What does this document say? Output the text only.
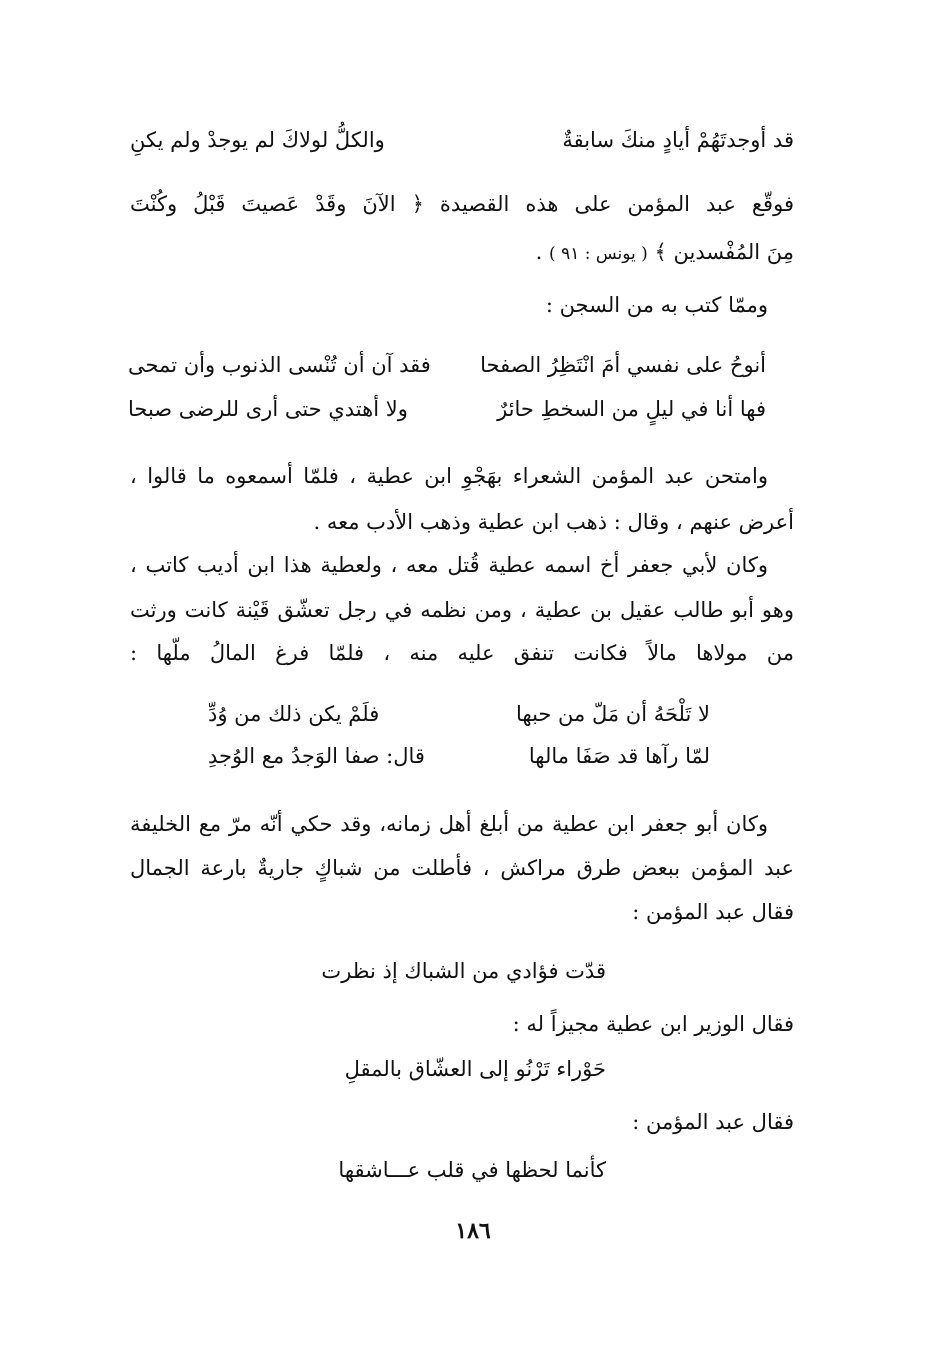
قد أوجدتَهُمْ أيادٍ منكَ سابقةٌ
والكلُّ لولاكَ لم يوجدْ ولم يكنِ
فوقّع عبد المؤمن على هذه القصيدة ﴿ الآنَ وقَدْ عَصيتَ قَبْلُ وكُنْتَ
مِنَ المُفْسدين ﴾ ( يونس : ٩١ ) .
وممّا كتب به من السجن :
أنوحُ على نفسي أمَ انْتَظِرُ الصفحا
فقد آن أن تُنْسى الذنوب وأن تمحى
فها أنا في ليلٍ من السخطِ حائرٌ
ولا أهتدي حتى أرى للرضى صبحا
وامتحن عبد المؤمن الشعراء بهَجْوِ ابن عطية ، فلمّا أسمعوه ما قالوا ،
أعرض عنهم ، وقال : ذهب ابن عطية وذهب الأدب معه .
وكان لأبي جعفر أخ اسمه عطية قُتل معه ، ولعطية هذا ابن أديب كاتب ،
وهو أبو طالب عقيل بن عطية ، ومن نظمه في رجل تعشّق قَيْنة كانت ورثت
من مولاها مالاً فكانت تنفق عليه منه ، فلمّا فرغ المالُ ملّها :
لا تَلْحَهُ أن مَلّ من حبها
فلَمْ يكن ذلك من وُدِّ
لمّا رآها قد صَفَا مالها
قال: صفا الوَجدُ مع الوُجدِ
وكان أبو جعفر ابن عطية من أبلغ أهل زمانه، وقد حكي أنّه مرّ مع الخليفة
عبد المؤمن ببعض طرق مراكش ، فأطلت من شباكٍ جاريةٌ بارعة الجمال
فقال عبد المؤمن :
قدّت فؤادي من الشباك إذ نظرت
فقال الوزير ابن عطية مجيزاً له :
حَوْراء تَرْنُو إلى العشّاق بالمقلِ
فقال عبد المؤمن :
كأنما لحظها في قلب عـــاشقها
١٨٦
